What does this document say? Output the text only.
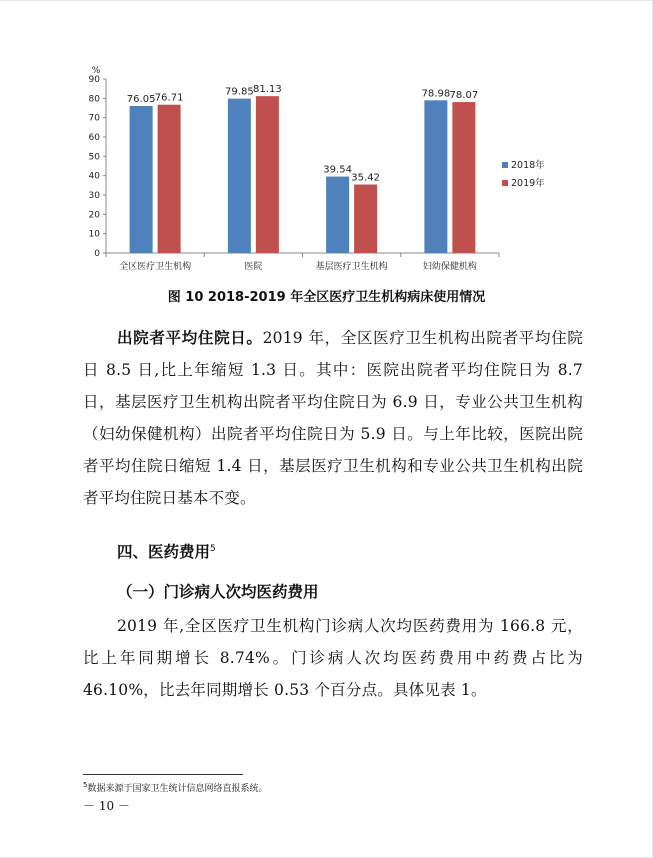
0
10
20
30
40
50
60
70
80
90
%
全区医疗卫生机构
76.05 76.71
医院
79.85 81.13
基层医疗卫生机构
39.54
35.42
妇幼保健机构
78.98 78.07
2018年
2019年
图 10 2018-2019 年全区医疗卫生机构病床使用情况

出院者平均住院日。2019 年，全区医疗卫生机构出院者平均住院日 8.5 日,比上年缩短 1.3 日。其中：医院出院者平均住院日为 8.7 日，基层医疗卫生机构出院者平均住院日为 6.9 日，专业公共卫生机构（妇幼保健机构）出院者平均住院日为 5.9 日。与上年比较，医院出院者平均住院日缩短 1.4 日，基层医疗卫生机构和专业公共卫生机构出院者平均住院日基本不变。

四、医药费用$^5$
（一）门诊病人次均医药费用

2019 年,全区医疗卫生机构门诊病人次均医药费用为 166.8 元，比上年同期增长 8.74%。门诊病人次均医药费用中药费占比为 46.10%，比去年同期增长 0.53 个百分点。具体见表 1。

$^5$数据来源于国家卫生统计信息网络直报系统。
－ 10 －
